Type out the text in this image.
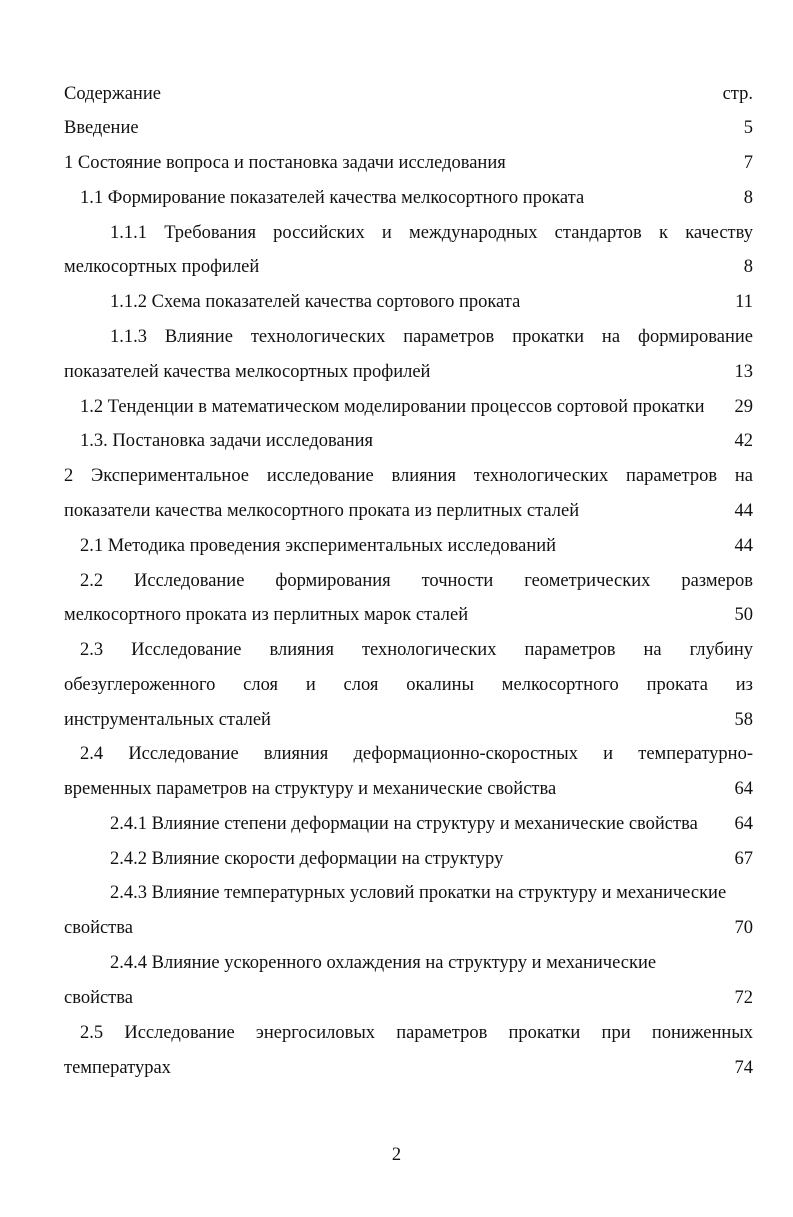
Содержание	стр.
Введение	5
1 Состояние вопроса и постановка задачи исследования	7
1.1 Формирование показателей качества мелкосортного проката	8
1.1.1 Требования российских и международных стандартов к качеству
мелкосортных профилей	8
1.1.2 Схема показателей качества сортового проката	11
1.1.3 Влияние технологических параметров прокатки на формирование
показателей качества мелкосортных профилей	13
1.2 Тенденции в математическом моделировании процессов сортовой прокатки	29
1.3. Постановка задачи исследования	42
2 Экспериментальное исследование влияния технологических параметров на
показатели качества мелкосортного проката из перлитных сталей	44
2.1 Методика проведения экспериментальных исследований	44
2.2 Исследование формирования точности геометрических размеров
мелкосортного проката из перлитных марок сталей	50
2.3 Исследование влияния технологических параметров на глубину
обезуглероженного слоя и слоя окалины мелкосортного проката из
инструментальных сталей	58
2.4 Исследование влияния деформационно-скоростных и температурно-
временных параметров на структуру и механические свойства	64
2.4.1 Влияние степени деформации на структуру и механические свойства 64
2.4.2 Влияние скорости деформации на структуру	67
2.4.3 Влияние температурных условий прокатки на структуру и механические
свойства	70
2.4.4 Влияние ускоренного охлаждения на структуру и механические
свойства	72
2.5 Исследование энергосиловых параметров прокатки при пониженных
температурах	74
2
